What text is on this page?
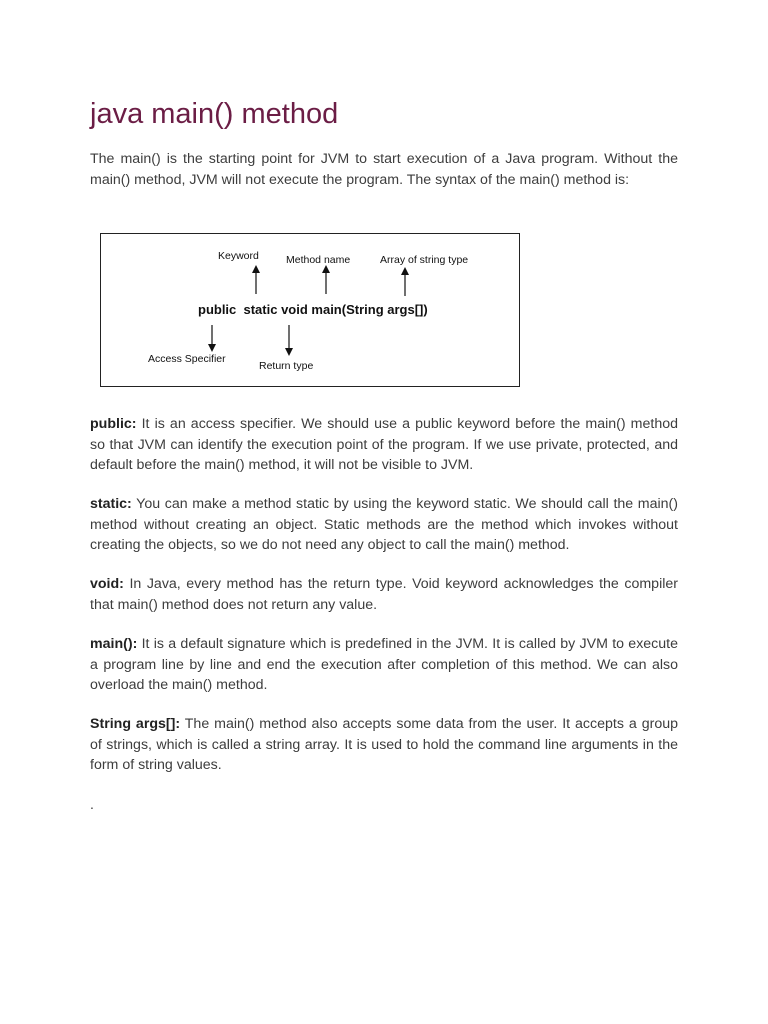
java main() method

The main() is the starting point for JVM to start execution of a Java program. Without the main() method, JVM will not execute the program. The syntax of the main() method is:

Keyword	Method name	Array of string type
public  static void main(String args[])
Access Specifier
Return type

public: It is an access specifier. We should use a public keyword before the main() method so that JVM can identify the execution point of the program. If we use private, protected, and default before the main() method, it will not be visible to JVM.

static: You can make a method static by using the keyword static. We should call the main() method without creating an object. Static methods are the method which invokes without creating the objects, so we do not need any object to call the main() method.

void: In Java, every method has the return type. Void keyword acknowledges the compiler that main() method does not return any value.

main(): It is a default signature which is predefined in the JVM. It is called by JVM to execute a program line by line and end the execution after completion of this method. We can also overload the main() method.

String args[]: The main() method also accepts some data from the user. It accepts a group of strings, which is called a string array. It is used to hold the command line arguments in the form of string values.

.
